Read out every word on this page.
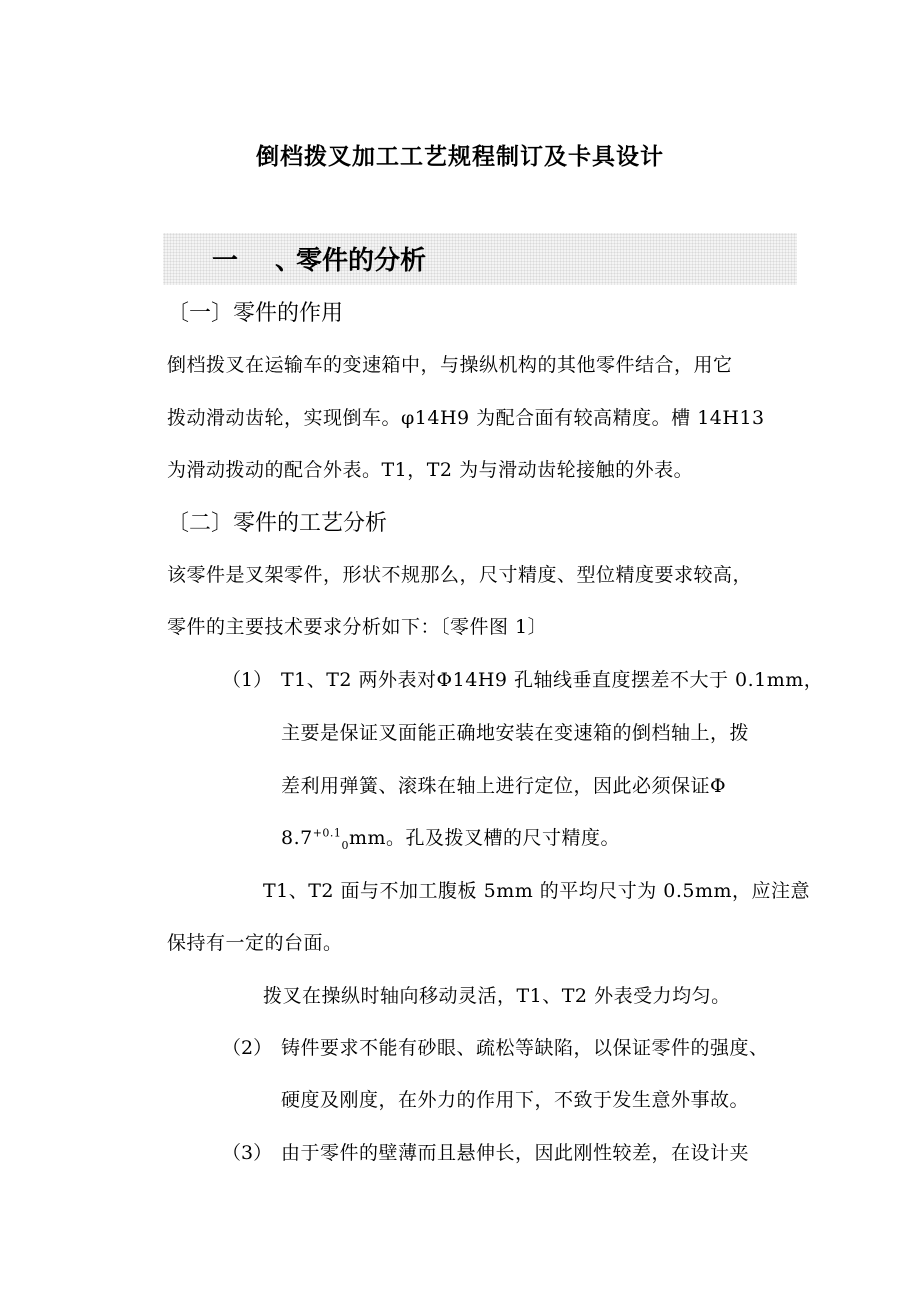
倒档拨叉加工工艺规程制订及卡具设计
一 、
零件的分析
〔一〕零件的作用
倒档拨叉在运输车的变速箱中，与操纵机构的其他零件结合，用它
拨动滑动齿轮，实现倒车。φ14H9 为配合面有较高精度。槽 14H13
为滑动拨动的配合外表。T1，T2 为与滑动齿轮接触的外表。
〔二〕零件的工艺分析
该零件是叉架零件，形状不规那么，尺寸精度、型位精度要求较高，
零件的主要技术要求分析如下：〔零件图 1〕
（1） T1、T2 两外表对Φ14H9 孔轴线垂直度摆差不大于 0.1mm，
主要是保证叉面能正确地安装在变速箱的倒档轴上，拨
差利用弹簧、滚珠在轴上进行定位，因此必须保证Φ
$8.7^{+0.1}_0mm$。孔及拨叉槽的尺寸精度。
T1、T2 面与不加工腹板 5mm 的平均尺寸为 0.5mm，应注意
保持有一定的台面。
拨叉在操纵时轴向移动灵活，T1、T2 外表受力均匀。
（2） 铸件要求不能有砂眼、疏松等缺陷，以保证零件的强度、
硬度及刚度，在外力的作用下，不致于发生意外事故。
（3） 由于零件的壁薄而且悬伸长，因此刚性较差，在设计夹
